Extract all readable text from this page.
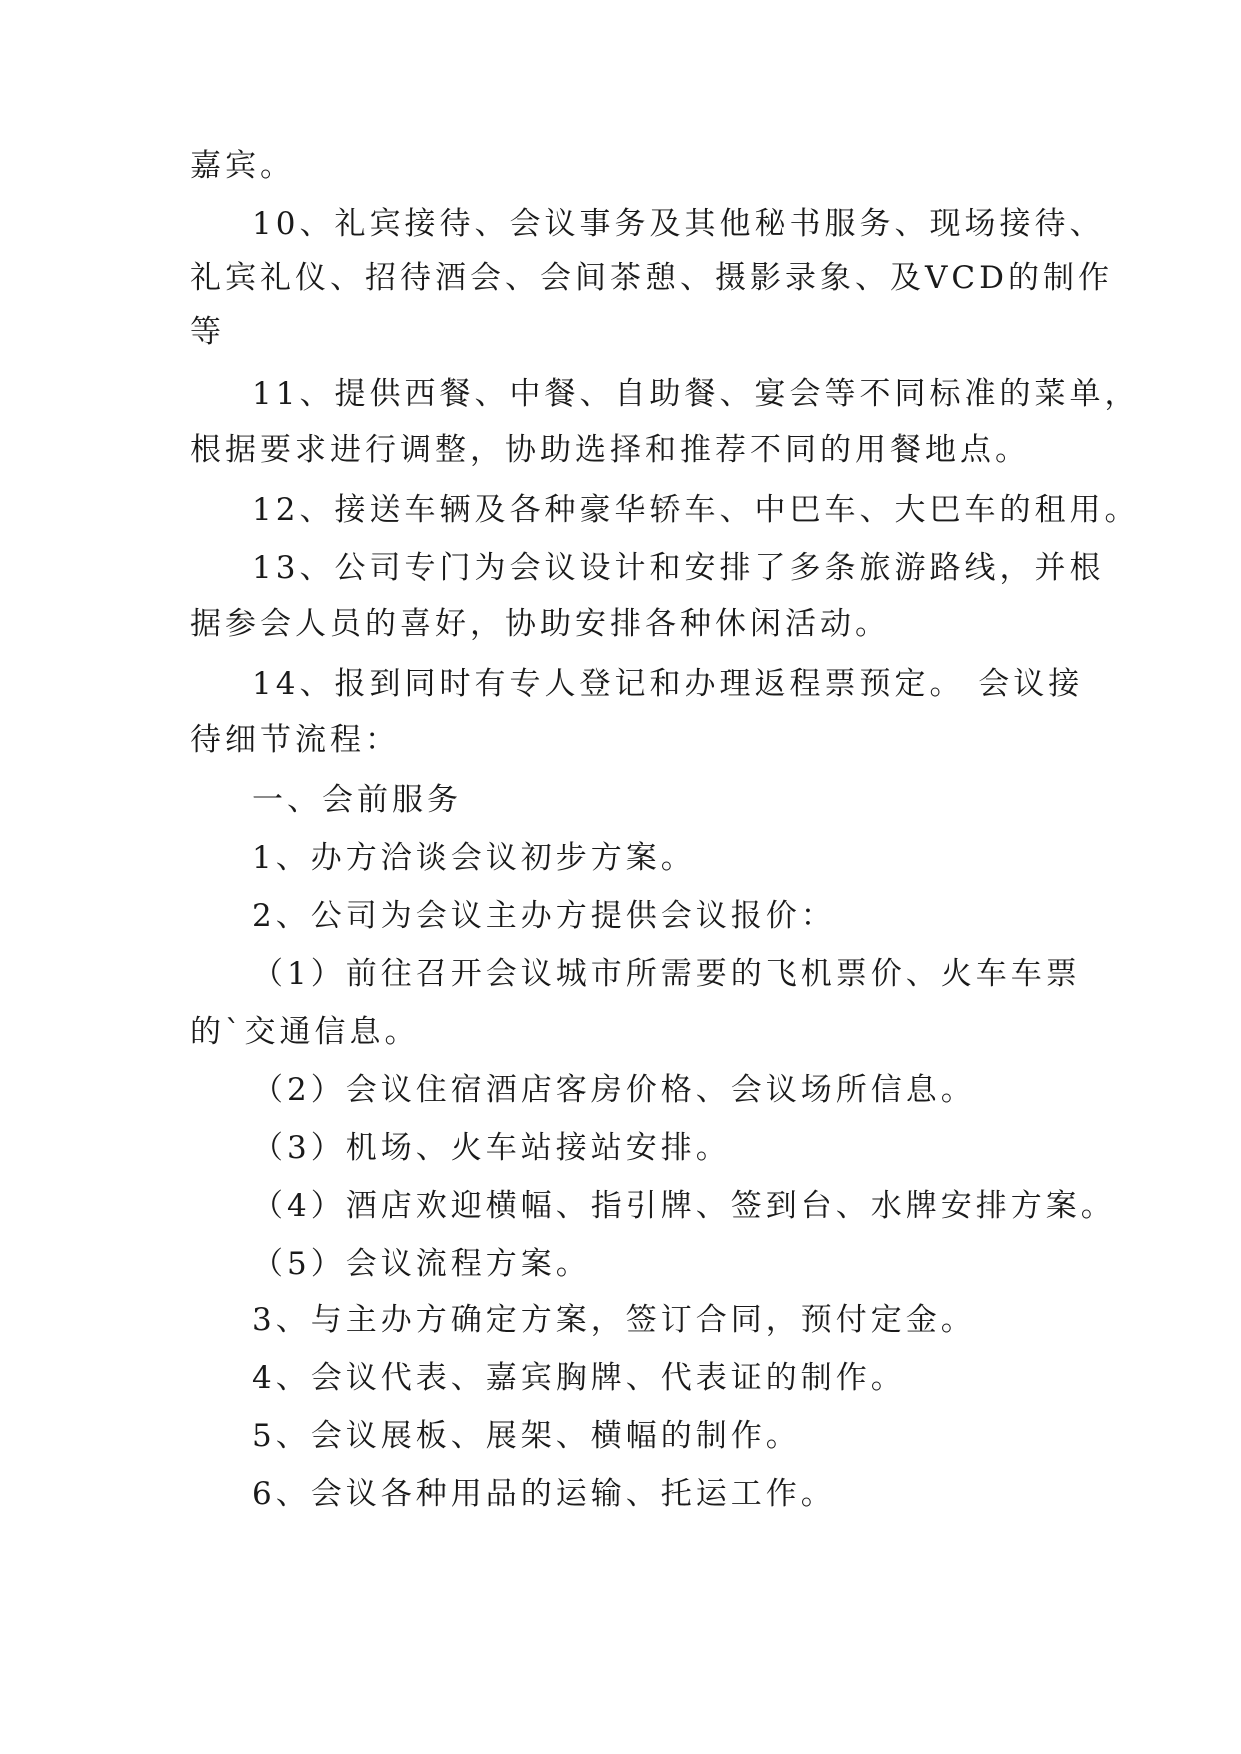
嘉宾。

10、礼宾接待、会议事务及其他秘书服务、现场接待、

礼宾礼仪、招待酒会、会间茶憩、摄影录象、及VCD的制作

等

11、提供西餐、中餐、自助餐、宴会等不同标准的菜单，

根据要求进行调整，协助选择和推荐不同的用餐地点。

12、接送车辆及各种豪华轿车、中巴车、大巴车的租用。

13、公司专门为会议设计和安排了多条旅游路线，并根

据参会人员的喜好，协助安排各种休闲活动。

14、报到同时有专人登记和办理返程票预定。 会议接

待细节流程：

一、会前服务

1、办方洽谈会议初步方案。

2、公司为会议主办方提供会议报价：

（1）前往召开会议城市所需要的飞机票价、火车车票

的`交通信息。

（2）会议住宿酒店客房价格、会议场所信息。

（3）机场、火车站接站安排。

（4）酒店欢迎横幅、指引牌、签到台、水牌安排方案。

（5）会议流程方案。

3、与主办方确定方案，签订合同，预付定金。

4、会议代表、嘉宾胸牌、代表证的制作。

5、会议展板、展架、横幅的制作。

6、会议各种用品的运输、托运工作。
